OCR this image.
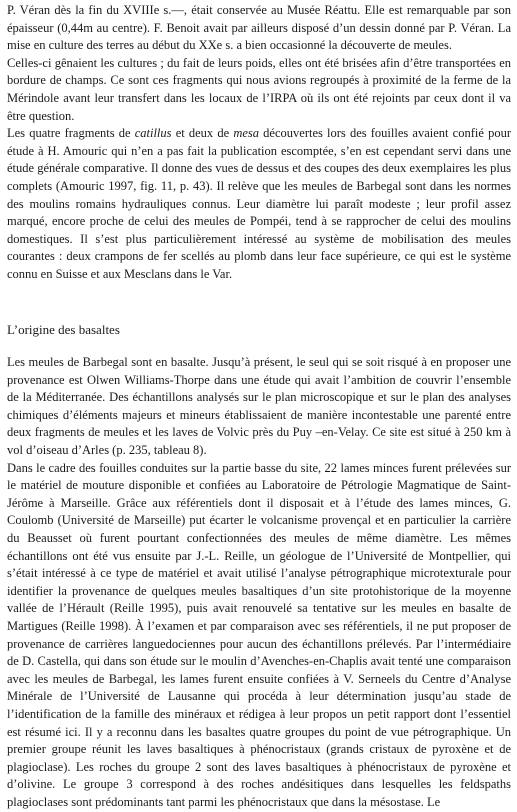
P. Véran dès la fin du XVIIIe s.—, était conservée au Musée Réattu. Elle est remarquable par son épaisseur (0,44m au centre). F. Benoit avait par ailleurs disposé d’un dessin donné par P. Véran. La mise en culture des terres au début du XXe s. a bien occasionné la découverte de meules.

Celles-ci gênaient les cultures ; du fait de leurs poids, elles ont été brisées afin d’être transportées en bordure de champs. Ce sont ces fragments qui nous avions regroupés à proximité de la ferme de la Mérindole avant leur transfert dans les locaux de l’IRPA où ils ont été rejoints par ceux dont il va être question.

Les quatre fragments de catillus et deux de mesa découvertes lors des fouilles avaient confié pour étude à H. Amouric qui n’en a pas fait la publication escomptée, s’en est cependant servi dans une étude générale comparative. Il donne des vues de dessus et des coupes des deux exemplaires les plus complets (Amouric 1997, fig. 11, p. 43). Il relève que les meules de Barbegal sont dans les normes des moulins romains hydrauliques connus. Leur diamètre lui paraît modeste ; leur profil assez marqué, encore proche de celui des meules de Pompéi, tend à se rapprocher de celui des moulins domestiques. Il s’est plus particulièrement intéressé au système de mobilisation des meules courantes : deux crampons de fer scellés au plomb dans leur face supérieure, ce qui est le système connu en Suisse et aux Mesclans dans le Var.

L’origine des basaltes

Les meules de Barbegal sont en basalte. Jusqu’à présent, le seul qui se soit risqué à en proposer une provenance est Olwen Williams-Thorpe dans une étude qui avait l’ambition de couvrir l’ensemble de la Méditerranée. Des échantillons analysés sur le plan microscopique et sur le plan des analyses chimiques d’éléments majeurs et mineurs établissaient de manière incontestable une parenté entre deux fragments de meules et les laves de Volvic près du Puy –en-Velay. Ce site est situé à 250 km à vol d’oiseau d’Arles (p. 235, tableau 8).

Dans le cadre des fouilles conduites sur la partie basse du site, 22 lames minces furent prélevées sur le matériel de mouture disponible et confiées au Laboratoire de Pétrologie Magmatique de Saint-Jérôme à Marseille. Grâce aux référentiels dont il disposait et à l’étude des lames minces, G. Coulomb (Université de Marseille) put écarter le volcanisme provençal et en particulier la carrière du Beausset où furent pourtant confectionnées des meules de même diamètre. Les mêmes échantillons ont été vus ensuite par J.-L. Reille, un géologue de l’Université de Montpellier, qui s’était intéressé à ce type de matériel et avait utilisé l’analyse pétrographique microtexturale pour identifier la provenance de quelques meules basaltiques d’un site protohistorique de la moyenne vallée de l’Hérault (Reille 1995), puis avait renouvelé sa tentative sur les meules en basalte de Martigues (Reille 1998). À l’examen et par comparaison avec ses référentiels, il ne put proposer de provenance de carrières languedociennes pour aucun des échantillons prélevés. Par l’intermédiaire de D. Castella, qui dans son étude sur le moulin d’Avenches-en-Chaplis avait tenté une comparaison avec les meules de Barbegal, les lames furent ensuite confiées à V. Serneels du Centre d’Analyse Minérale de l’Université de Lausanne qui procéda à leur détermination jusqu’au stade de l’identification de la famille des minéraux et rédigea à leur propos un petit rapport dont l’essentiel est résumé ici. Il y a reconnu dans les basaltes quatre groupes du point de vue pétrographique. Un premier groupe réunit les laves basaltiques à phénocristaux (grands cristaux de pyroxène et de plagioclase). Les roches du groupe 2 sont des laves basaltiques à phénocristaux de pyroxène et d’olivine. Le groupe 3 correspond à des roches andésitiques dans lesquelles les feldspaths plagioclases sont prédominants tant parmi les phénocristaux que dans la mésostase. Le
